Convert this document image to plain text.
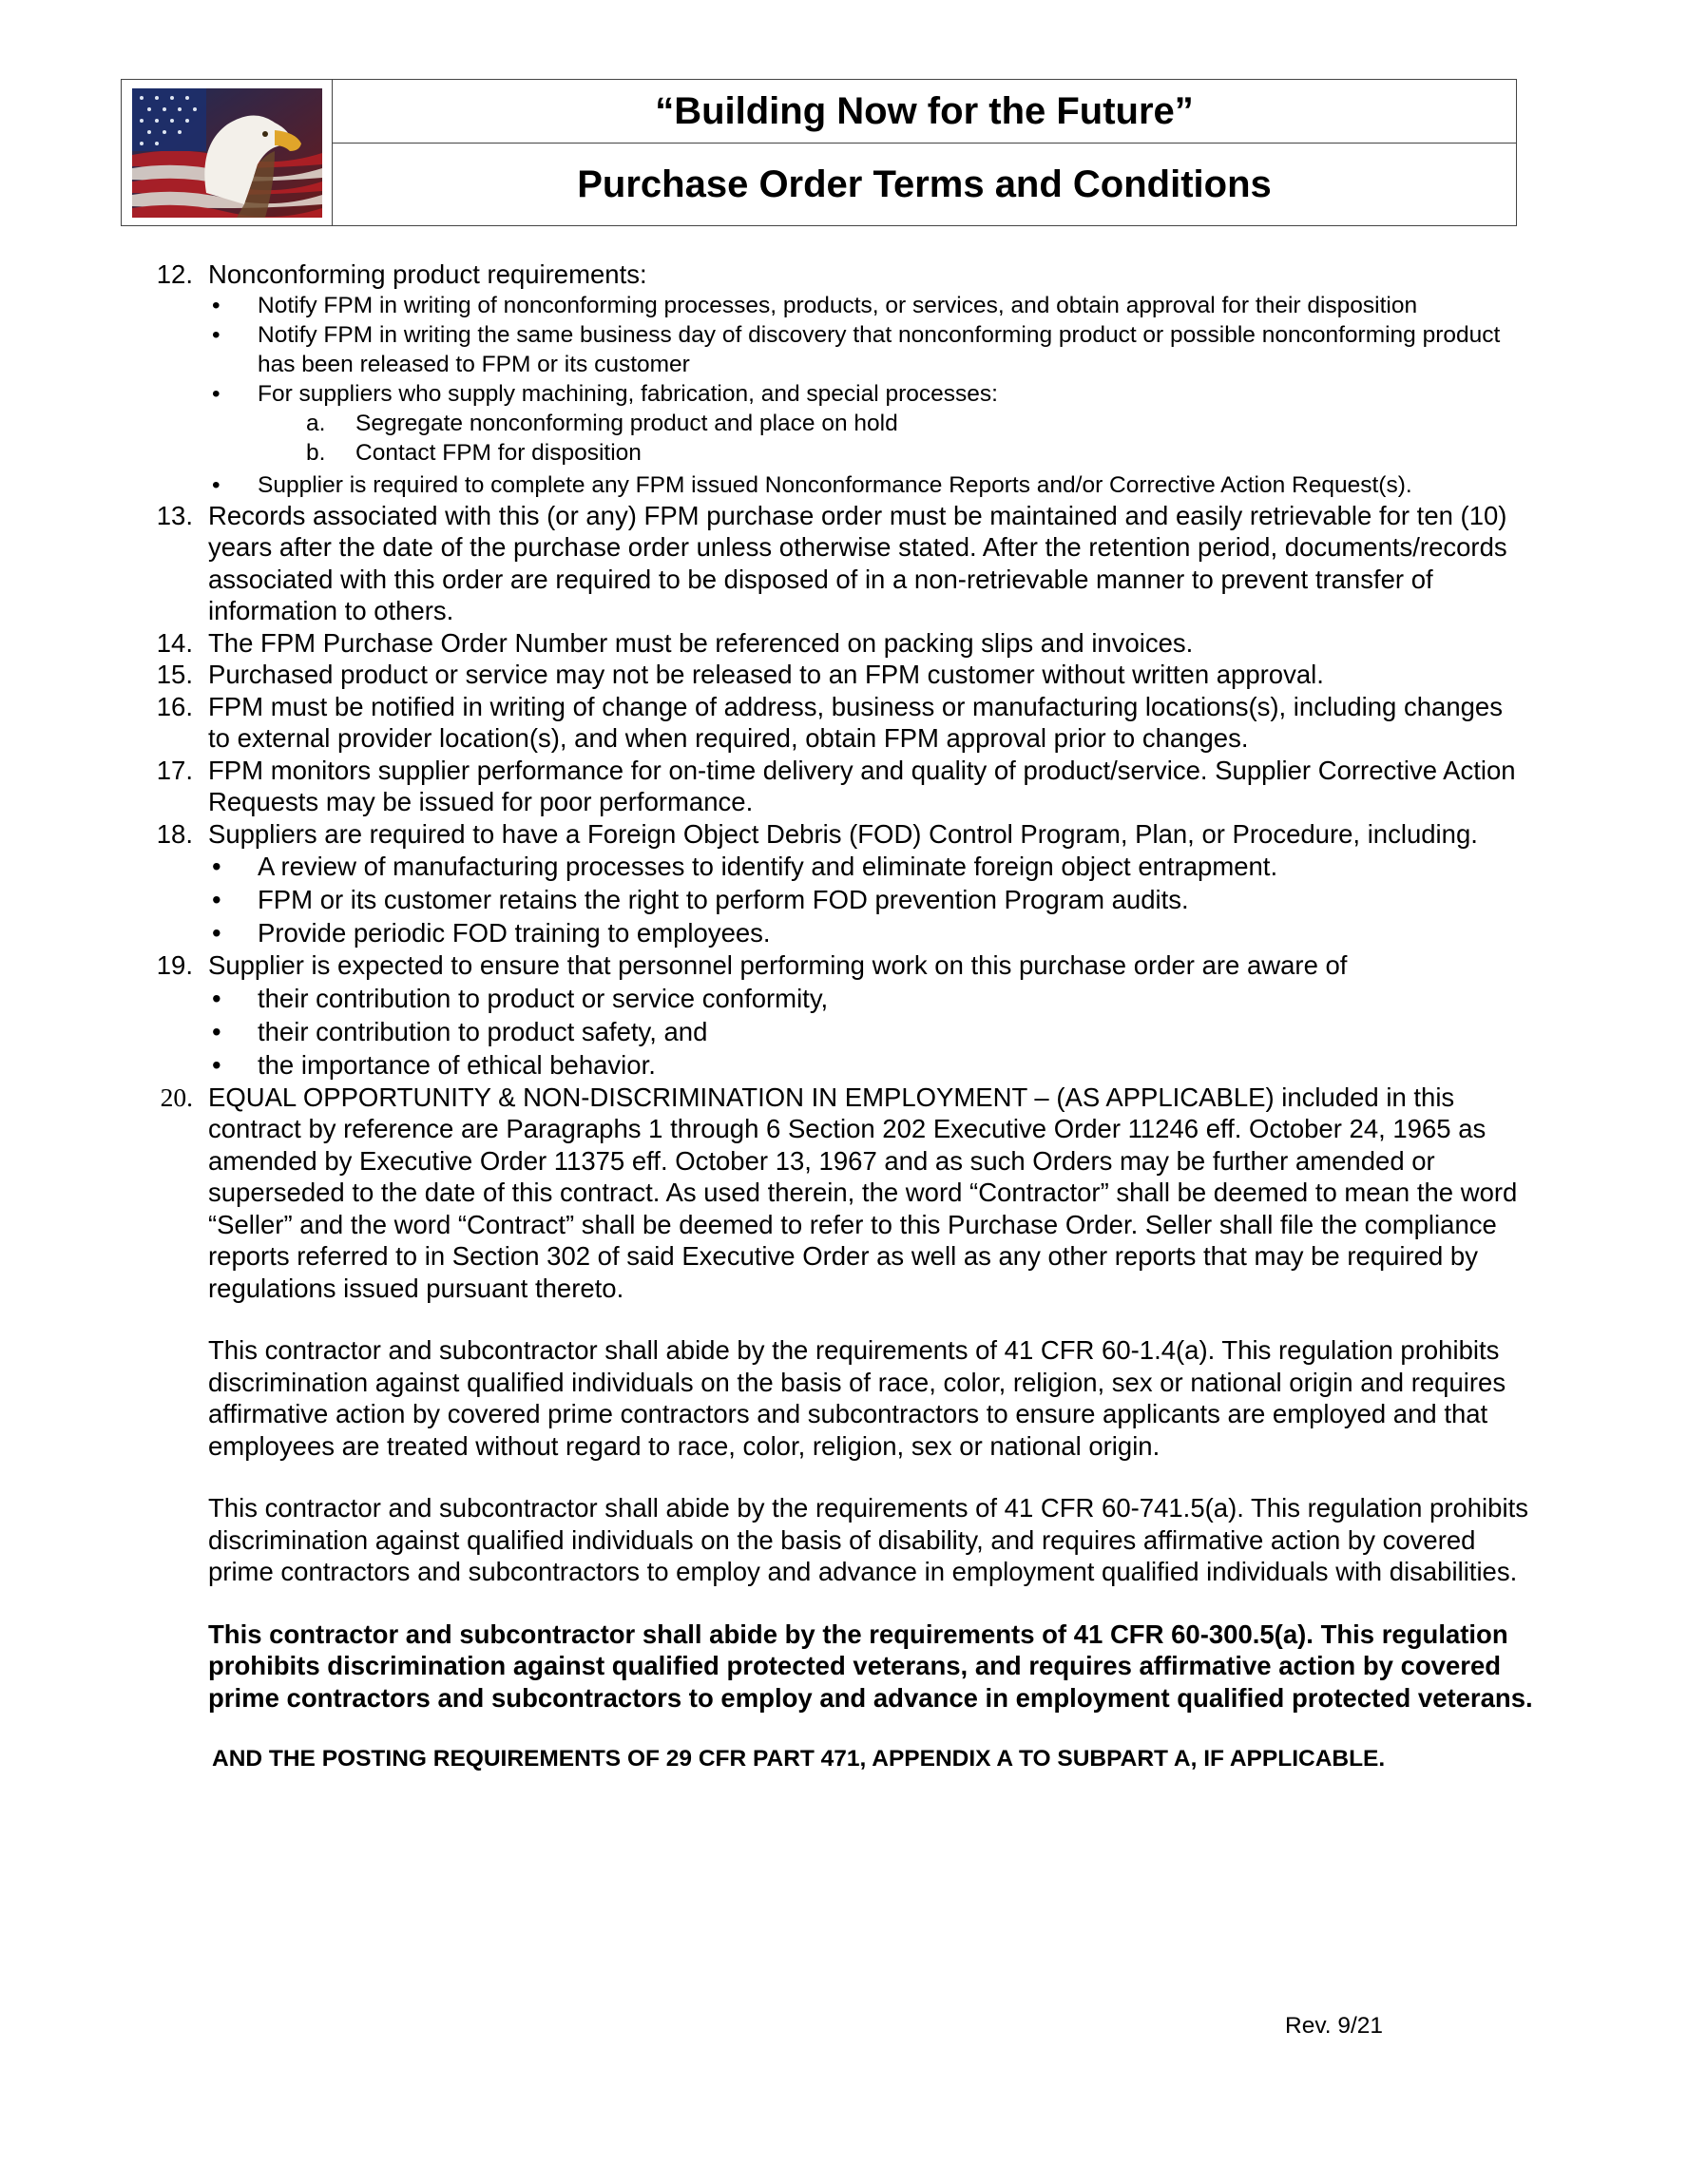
“Building Now for the Future”
Purchase Order Terms and Conditions
12. Nonconforming product requirements:
• Notify FPM in writing of nonconforming processes, products, or services, and obtain approval for their disposition
• Notify FPM in writing the same business day of discovery that nonconforming product or possible nonconforming product has been released to FPM or its customer
• For suppliers who supply machining, fabrication, and special processes:
a. Segregate nonconforming product and place on hold
b. Contact FPM for disposition
• Supplier is required to complete any FPM issued Nonconformance Reports and/or Corrective Action Request(s).
13. Records associated with this (or any) FPM purchase order must be maintained and easily retrievable for ten (10) years after the date of the purchase order unless otherwise stated. After the retention period, documents/records associated with this order are required to be disposed of in a non-retrievable manner to prevent transfer of information to others.
14. The FPM Purchase Order Number must be referenced on packing slips and invoices.
15. Purchased product or service may not be released to an FPM customer without written approval.
16. FPM must be notified in writing of change of address, business or manufacturing locations(s), including changes to external provider location(s), and when required, obtain FPM approval prior to changes.
17. FPM monitors supplier performance for on-time delivery and quality of product/service. Supplier Corrective Action Requests may be issued for poor performance.
18. Suppliers are required to have a Foreign Object Debris (FOD) Control Program, Plan, or Procedure, including.
• A review of manufacturing processes to identify and eliminate foreign object entrapment.
• FPM or its customer retains the right to perform FOD prevention Program audits.
• Provide periodic FOD training to employees.
19. Supplier is expected to ensure that personnel performing work on this purchase order are aware of
• their contribution to product or service conformity,
• their contribution to product safety, and
• the importance of ethical behavior.
20. EQUAL OPPORTUNITY & NON-DISCRIMINATION IN EMPLOYMENT – (AS APPLICABLE) included in this contract by reference are Paragraphs 1 through 6 Section 202 Executive Order 11246 eff. October 24, 1965 as amended by Executive Order 11375 eff. October 13, 1967 and as such Orders may be further amended or superseded to the date of this contract. As used therein, the word “Contractor” shall be deemed to mean the word “Seller” and the word “Contract” shall be deemed to refer to this Purchase Order. Seller shall file the compliance reports referred to in Section 302 of said Executive Order as well as any other reports that may be required by regulations issued pursuant thereto.
This contractor and subcontractor shall abide by the requirements of 41 CFR 60-1.4(a). This regulation prohibits discrimination against qualified individuals on the basis of race, color, religion, sex or national origin and requires affirmative action by covered prime contractors and subcontractors to ensure applicants are employed and that employees are treated without regard to race, color, religion, sex or national origin.
This contractor and subcontractor shall abide by the requirements of 41 CFR 60-741.5(a). This regulation prohibits discrimination against qualified individuals on the basis of disability, and requires affirmative action by covered prime contractors and subcontractors to employ and advance in employment qualified individuals with disabilities.
This contractor and subcontractor shall abide by the requirements of 41 CFR 60-300.5(a). This regulation prohibits discrimination against qualified protected veterans, and requires affirmative action by covered prime contractors and subcontractors to employ and advance in employment qualified protected veterans.
AND THE POSTING REQUIREMENTS OF 29 CFR PART 471, APPENDIX A TO SUBPART A, IF APPLICABLE.
Rev. 9/21
